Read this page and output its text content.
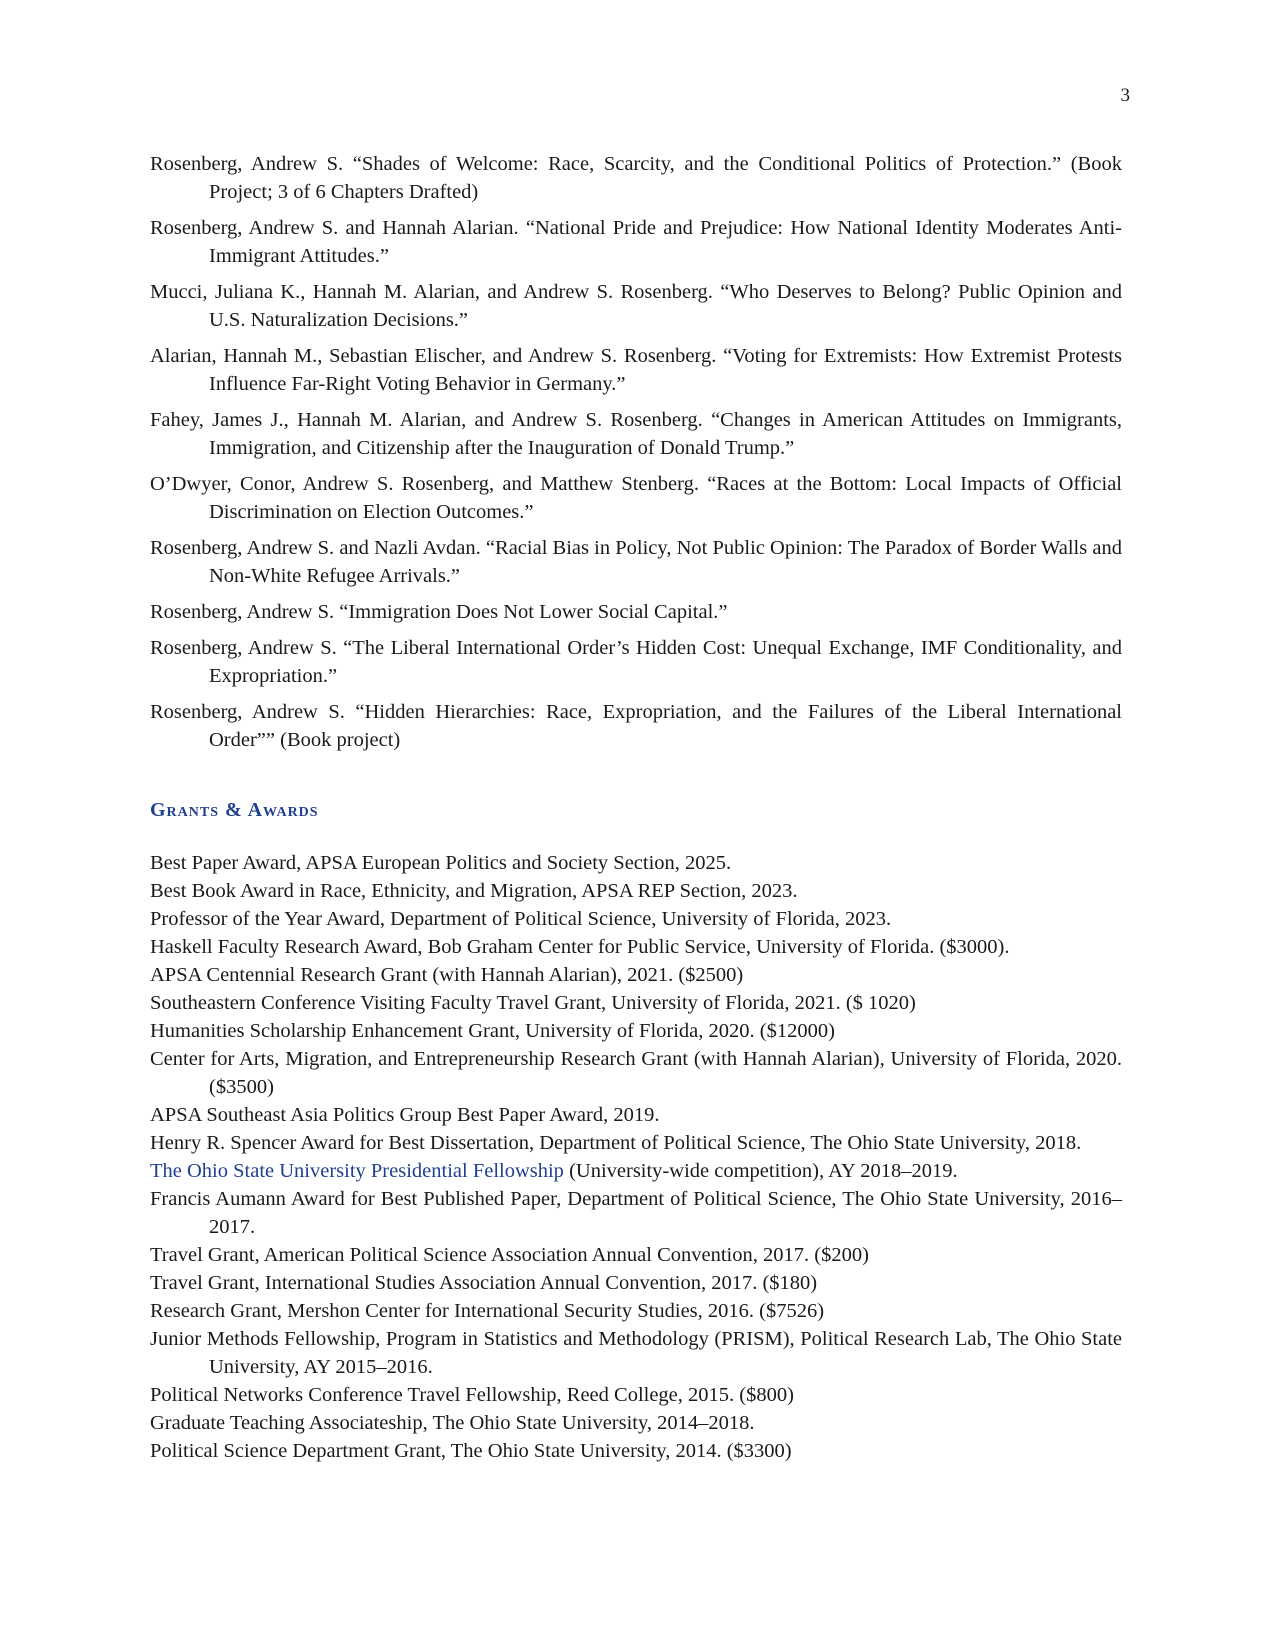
3

Rosenberg, Andrew S. “Shades of Welcome: Race, Scarcity, and the Conditional Politics of Protection.” (Book Project; 3 of 6 Chapters Drafted)

Rosenberg, Andrew S. and Hannah Alarian. “National Pride and Prejudice: How National Identity Moderates Anti-Immigrant Attitudes.”

Mucci, Juliana K., Hannah M. Alarian, and Andrew S. Rosenberg. “Who Deserves to Belong? Public Opinion and U.S. Naturalization Decisions.”

Alarian, Hannah M., Sebastian Elischer, and Andrew S. Rosenberg. “Voting for Extremists: How Extremist Protests Influence Far-Right Voting Behavior in Germany.”

Fahey, James J., Hannah M. Alarian, and Andrew S. Rosenberg. “Changes in American Attitudes on Immigrants, Immigration, and Citizenship after the Inauguration of Donald Trump.”

O’Dwyer, Conor, Andrew S. Rosenberg, and Matthew Stenberg. “Races at the Bottom: Local Impacts of Official Discrimination on Election Outcomes.”

Rosenberg, Andrew S. and Nazli Avdan. “Racial Bias in Policy, Not Public Opinion: The Paradox of Border Walls and Non-White Refugee Arrivals.”

Rosenberg, Andrew S. “Immigration Does Not Lower Social Capital.”

Rosenberg, Andrew S. “The Liberal International Order’s Hidden Cost: Unequal Exchange, IMF Conditionality, and Expropriation.”

Rosenberg, Andrew S. “Hidden Hierarchies: Race, Expropriation, and the Failures of the Liberal International Order”” (Book project)

Grants & Awards
Best Paper Award, APSA European Politics and Society Section, 2025.
Best Book Award in Race, Ethnicity, and Migration, APSA REP Section, 2023.
Professor of the Year Award, Department of Political Science, University of Florida, 2023.
Haskell Faculty Research Award, Bob Graham Center for Public Service, University of Florida. ($3000).
APSA Centennial Research Grant (with Hannah Alarian), 2021. ($2500)
Southeastern Conference Visiting Faculty Travel Grant, University of Florida, 2021. ($ 1020)
Humanities Scholarship Enhancement Grant, University of Florida, 2020. ($12000)
Center for Arts, Migration, and Entrepreneurship Research Grant (with Hannah Alarian), University of Florida, 2020. ($3500)
APSA Southeast Asia Politics Group Best Paper Award, 2019.
Henry R. Spencer Award for Best Dissertation, Department of Political Science, The Ohio State University, 2018.
The Ohio State University Presidential Fellowship (University-wide competition), AY 2018–2019.
Francis Aumann Award for Best Published Paper, Department of Political Science, The Ohio State University, 2016–2017.
Travel Grant, American Political Science Association Annual Convention, 2017. ($200)
Travel Grant, International Studies Association Annual Convention, 2017. ($180)
Research Grant, Mershon Center for International Security Studies, 2016. ($7526)
Junior Methods Fellowship, Program in Statistics and Methodology (PRISM), Political Research Lab, The Ohio State University, AY 2015–2016.
Political Networks Conference Travel Fellowship, Reed College, 2015. ($800)
Graduate Teaching Associateship, The Ohio State University, 2014–2018.
Political Science Department Grant, The Ohio State University, 2014. ($3300)
